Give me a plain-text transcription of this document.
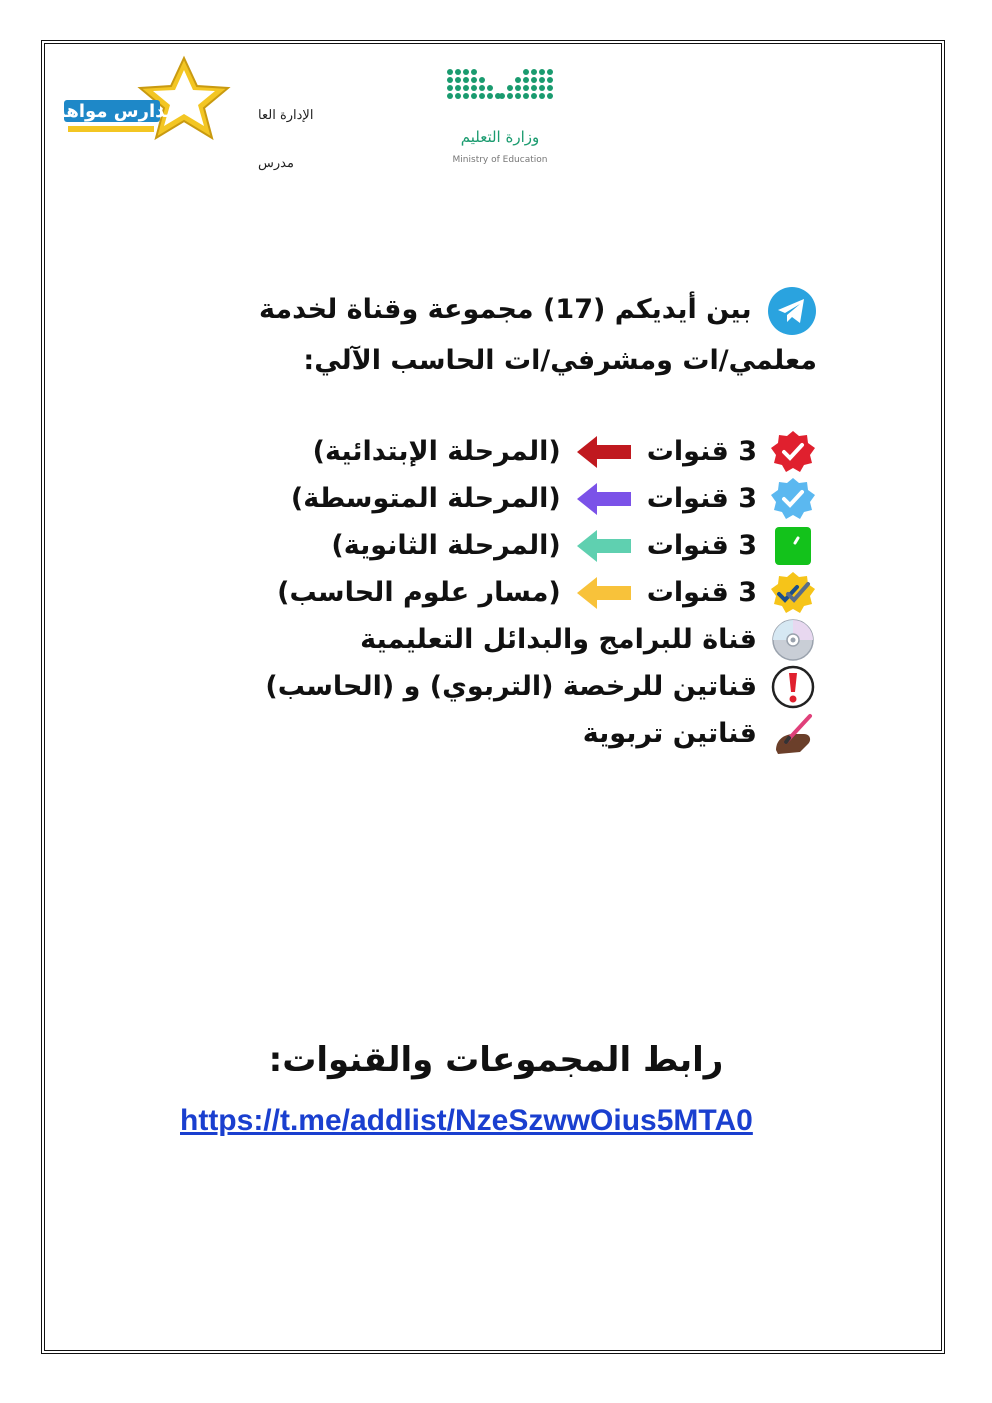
مدارس مواهب	الإدارة العا
مدرس
وزارة التعليم
Ministry of Education
بين أيديكم (17) مجموعة وقناة لخدمة
معلمي/ات ومشرفي/ات الحاسب الآلي:
3 قنوات
(المرحلة الإبتدائية)
3 قنوات
(المرحلة المتوسطة)
3 قنوات
(المرحلة الثانوية)
3 قنوات
(مسار علوم الحاسب)
قناة للبرامج والبدائل التعليمية
قناتين للرخصة (التربوي) و (الحاسب)
قناتين تربوية
رابط المجموعات والقنوات:
https://t.me/addlist/NzeSzwwOius5MTA0
